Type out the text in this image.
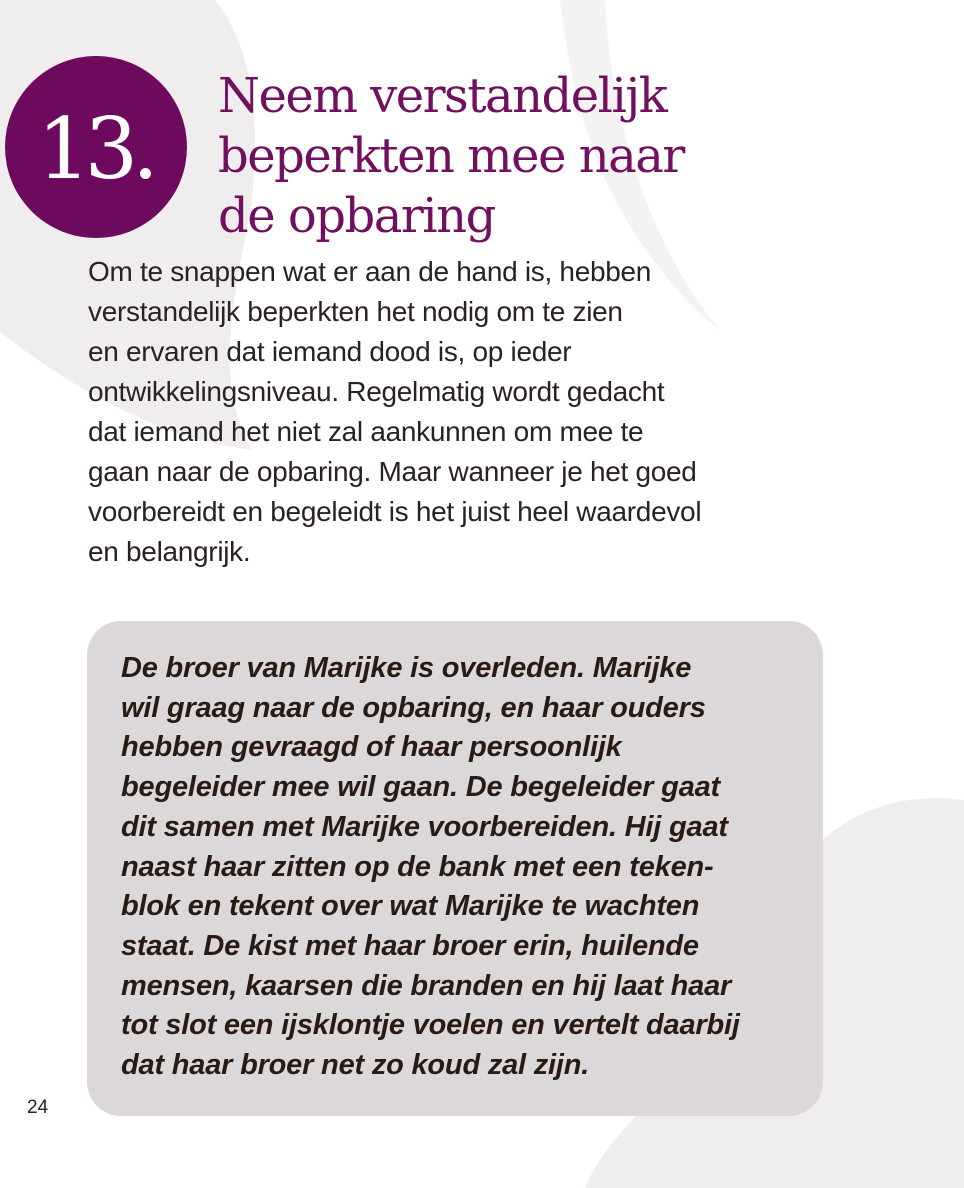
13.
Neem verstandelijk
beperkten mee naar
de opbaring

Om te snappen wat er aan de hand is, hebben
verstandelijk beperkten het nodig om te zien
en ervaren dat iemand dood is, op ieder
ontwikkelingsniveau. Regelmatig wordt gedacht
dat iemand het niet zal aankunnen om mee te
gaan naar de opbaring. Maar wanneer je het goed
voorbereidt en begeleidt is het juist heel waardevol
en belangrijk.

De broer van Marijke is overleden. Marijke
wil graag naar de opbaring, en haar ouders
hebben gevraagd of haar persoonlijk
begeleider mee wil gaan. De begeleider gaat
dit samen met Marijke voorbereiden. Hij gaat
naast haar zitten op de bank met een teken-
blok en tekent over wat Marijke te wachten
staat. De kist met haar broer erin, huilende
mensen, kaarsen die branden en hij laat haar
tot slot een ijsklontje voelen en vertelt daarbij
dat haar broer net zo koud zal zijn.

24
